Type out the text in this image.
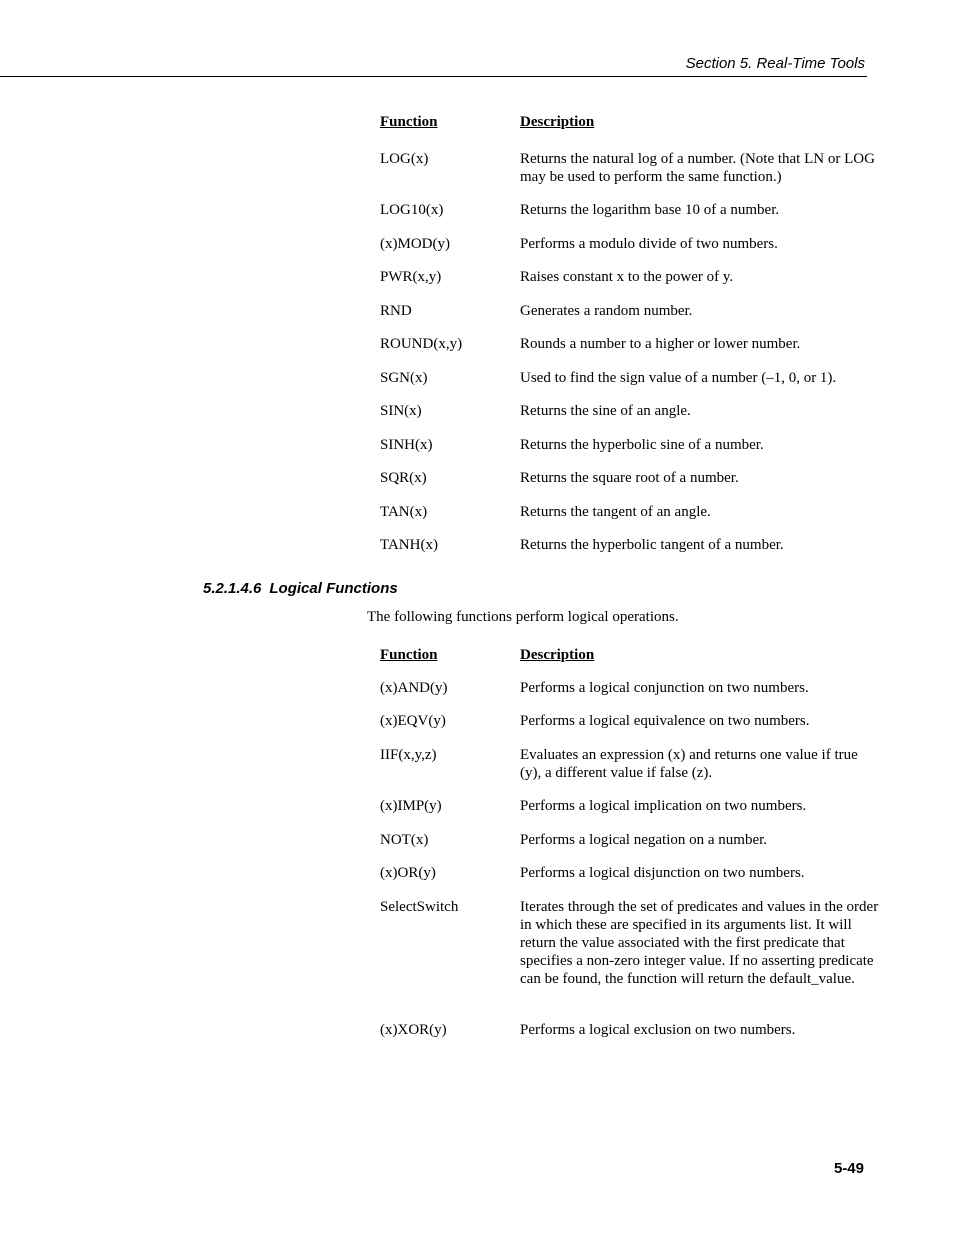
Section 5. Real-Time Tools
Function	Description
LOG(x)	Returns the natural log of a number. (Note that LN or LOG may be used to perform the same function.)
LOG10(x)	Returns the logarithm base 10 of a number.
(x)MOD(y)	Performs a modulo divide of two numbers.
PWR(x,y)	Raises constant x to the power of y.
RND	Generates a random number.
ROUND(x,y)	Rounds a number to a higher or lower number.
SGN(x)	Used to find the sign value of a number (–1, 0, or 1).
SIN(x)	Returns the sine of an angle.
SINH(x)	Returns the hyperbolic sine of a number.
SQR(x)	Returns the square root of a number.
TAN(x)	Returns the tangent of an angle.
TANH(x)	Returns the hyperbolic tangent of a number.
5.2.1.4.6 Logical Functions
The following functions perform logical operations.
Function	Description
(x)AND(y)	Performs a logical conjunction on two numbers.
(x)EQV(y)	Performs a logical equivalence on two numbers.
IIF(x,y,z)	Evaluates an expression (x) and returns one value if true (y), a different value if false (z).
(x)IMP(y)	Performs a logical implication on two numbers.
NOT(x)	Performs a logical negation on a number.
(x)OR(y)	Performs a logical disjunction on two numbers.
SelectSwitch	Iterates through the set of predicates and values in the order in which these are specified in its arguments list. It will return the value associated with the first predicate that specifies a non-zero integer value. If no asserting predicate can be found, the function will return the default_value.
(x)XOR(y)	Performs a logical exclusion on two numbers.
5-49
